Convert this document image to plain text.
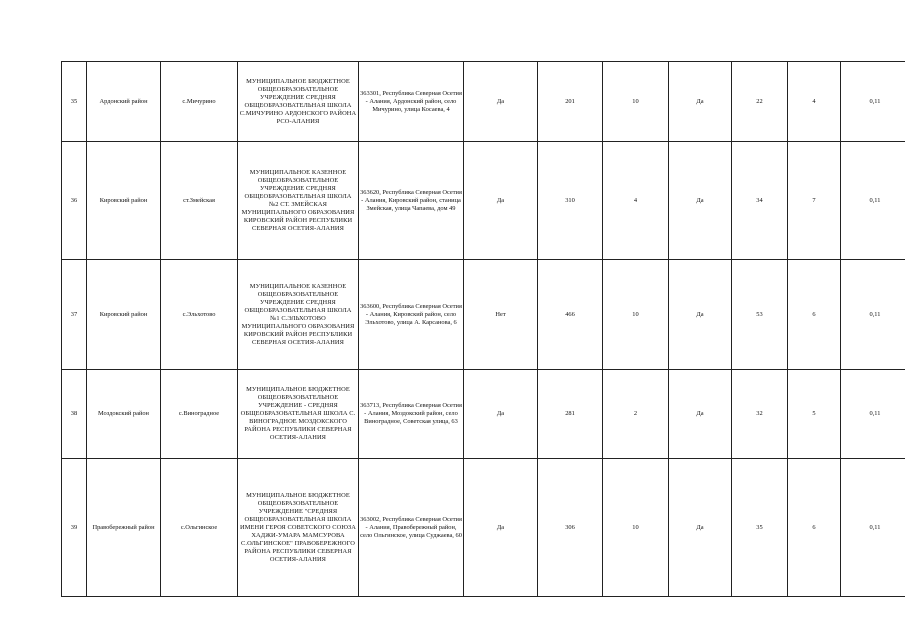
35	Ардонский район	с.Мичурино	МУНИЦИПАЛЬНОЕ БЮДЖЕТНОЕ ОБЩЕОБРАЗОВАТЕЛЬНОЕ УЧРЕЖДЕНИЕ СРЕДНЯЯ ОБЩЕОБРАЗОВАТЕЛЬНАЯ ШКОЛА С.МИЧУРИНО АРДОНСКОГО РАЙОНА РСО-АЛАНИЯ	363301, Республика Северная Осетия - Алания, Ардонский район, село Мичурино, улица Косаева, 4	Да	201	10	Да	22	4	0,11
36	Кировский район	ст.Змейская	МУНИЦИПАЛЬНОЕ КАЗЕННОЕ ОБЩЕОБРАЗОВАТЕЛЬНОЕ УЧРЕЖДЕНИЕ СРЕДНЯЯ ОБЩЕОБРАЗОВАТЕЛЬНАЯ ШКОЛА №2 СТ. ЗМЕЙСКАЯ МУНИЦИПАЛЬНОГО ОБРАЗОВАНИЯ КИРОВСКИЙ РАЙОН РЕСПУБЛИКИ СЕВЕРНАЯ ОСЕТИЯ-АЛАНИЯ	363620, Республика Северная Осетия - Алания, Кировский район, станица Змейская, улица Чапаева, дом 49	Да	310	4	Да	34	7	0,11
37	Кировский район	с.Эльхотово	МУНИЦИПАЛЬНОЕ КАЗЕННОЕ ОБЩЕОБРАЗОВАТЕЛЬНОЕ УЧРЕЖДЕНИЕ СРЕДНЯЯ ОБЩЕОБРАЗОВАТЕЛЬНАЯ ШКОЛА №1 С.ЭЛЬХОТОВО МУНИЦИПАЛЬНОГО ОБРАЗОВАНИЯ КИРОВСКИЙ РАЙОН РЕСПУБЛИКИ СЕВЕРНАЯ ОСЕТИЯ-АЛАНИЯ	363600, Республика Северная Осетия - Алания, Кировский район, село Эльхотово, улица А. Карсанова, 6	Нет	466	10	Да	53	6	0,11
38	Моздокский район	с.Виноградное	МУНИЦИПАЛЬНОЕ БЮДЖЕТНОЕ ОБЩЕОБРАЗОВАТЕЛЬНОЕ УЧРЕЖДЕНИЕ - СРЕДНЯЯ ОБЩЕОБРАЗОВАТЕЛЬНАЯ ШКОЛА С. ВИНОГРАДНОЕ МОЗДОКСКОГО РАЙОНА РЕСПУБЛИКИ СЕВЕРНАЯ ОСЕТИЯ-АЛАНИЯ	363713, Республика Северная Осетия - Алания, Моздокский район, село Виноградное, Советская улица, 63	Да	281	2	Да	32	5	0,11
39	Правобережный район	с.Ольгинское	МУНИЦИПАЛЬНОЕ БЮДЖЕТНОЕ ОБЩЕОБРАЗОВАТЕЛЬНОЕ УЧРЕЖДЕНИЕ "СРЕДНЯЯ ОБЩЕОБРАЗОВАТЕЛЬНАЯ ШКОЛА ИМЕНИ ГЕРОЯ СОВЕТСКОГО СОЮЗА ХАДЖИ-УМАРА МАМСУРОВА С.ОЛЬГИНСКОЕ" ПРАВОБЕРЕЖНОГО РАЙОНА РЕСПУБЛИКИ СЕВЕРНАЯ ОСЕТИЯ-АЛАНИЯ	363002, Республика Северная Осетия - Алания, Правобережный район, село Ольгинское, улица Суджаева, 60	Да	306	10	Да	35	6	0,11
